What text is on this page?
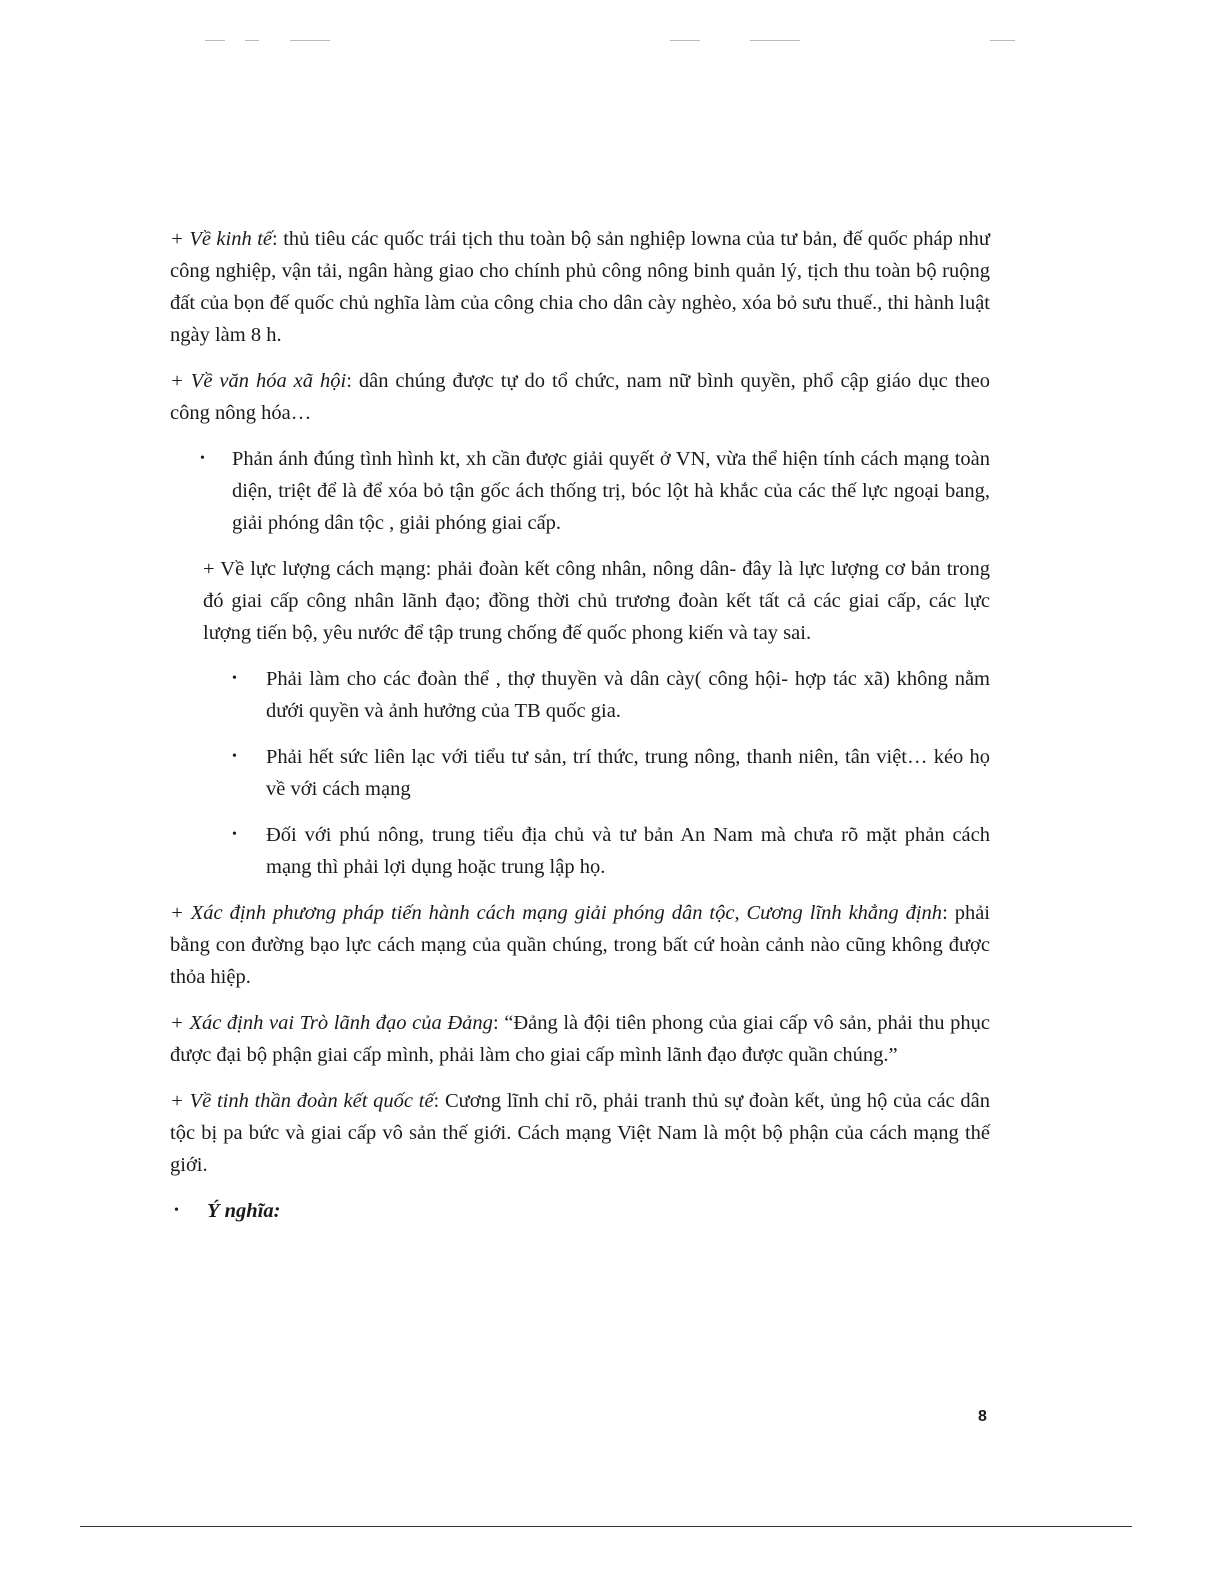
+ Về kinh tế: thủ tiêu các quốc trái tịch thu toàn bộ sản nghiệp lowna của tư bản, đế quốc pháp như công nghiệp, vận tải, ngân hàng giao cho chính phủ công nông binh quản lý, tịch thu toàn bộ ruộng đất của bọn đế quốc chủ nghĩa làm của công chia cho dân cày nghèo, xóa bỏ sưu thuế., thi hành luật ngày làm 8 h.

+ Về văn hóa xã hội: dân chúng được tự do tổ chức, nam nữ bình quyền, phổ cập giáo dục theo công nông hóa…

• Phản ánh đúng tình hình kt, xh cần được giải quyết ở VN, vừa thể hiện tính cách mạng toàn diện, triệt để là để xóa bỏ tận gốc ách thống trị, bóc lột hà khắc của các thế lực ngoại bang, giải phóng dân tộc , giải phóng giai cấp.

+ Về lực lượng cách mạng: phải đoàn kết công nhân, nông dân- đây là lực lượng cơ bản trong đó giai cấp công nhân lãnh đạo; đồng thời chủ trương đoàn kết tất cả các giai cấp, các lực lượng tiến bộ, yêu nước để tập trung chống đế quốc phong kiến và tay sai.

• Phải làm cho các đoàn thể , thợ thuyền và dân cày( công hội- hợp tác xã) không nằm dưới quyền và ảnh hưởng của TB quốc gia.
• Phải hết sức liên lạc với tiểu tư sản, trí thức, trung nông, thanh niên, tân việt… kéo họ về với cách mạng
• Đối với phú nông, trung tiểu địa chủ và tư bản An Nam mà chưa rõ mặt phản cách mạng thì phải lợi dụng hoặc trung lập họ.

+ Xác định phương pháp tiến hành cách mạng giải phóng dân tộc, Cương lĩnh khẳng định: phải bằng con đường bạo lực cách mạng của quần chúng, trong bất cứ hoàn cảnh nào cũng không được thỏa hiệp.

+ Xác định vai Trò lãnh đạo của Đảng: “Đảng là đội tiên phong của giai cấp vô sản, phải thu phục được đại bộ phận giai cấp mình, phải làm cho giai cấp mình lãnh đạo được quần chúng.”

+ Về tinh thần đoàn kết quốc tế: Cương lĩnh chỉ rõ, phải tranh thủ sự đoàn kết, ủng hộ của các dân tộc bị pa bức và giai cấp vô sản thế giới. Cách mạng Việt Nam là một bộ phận của cách mạng thế giới.

• Ý nghĩa:
8
